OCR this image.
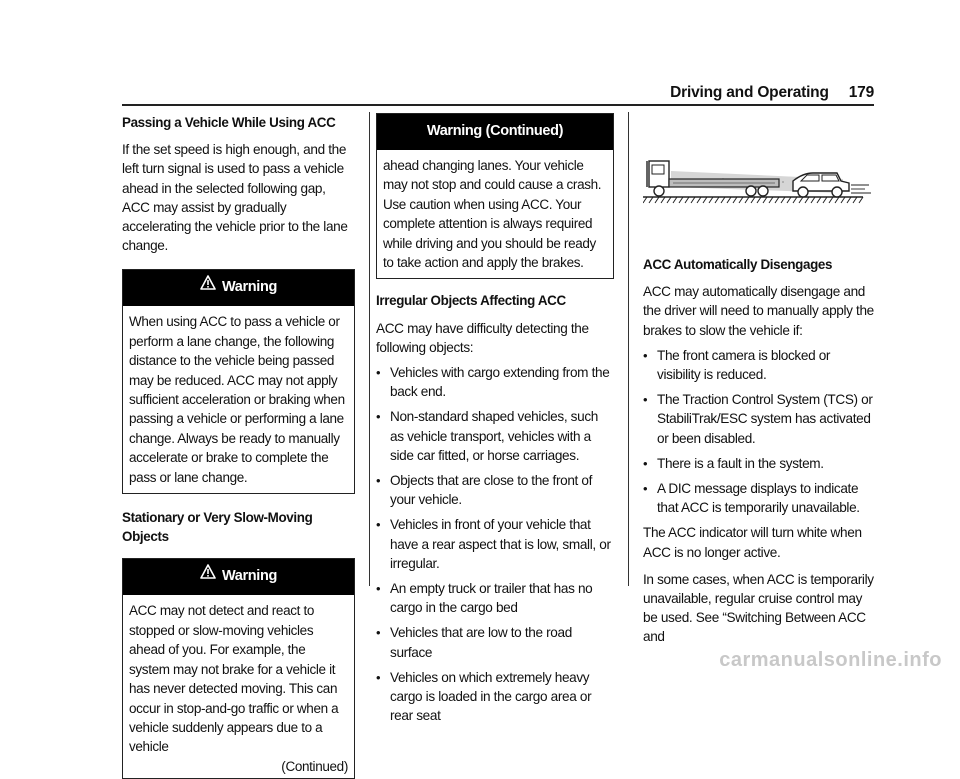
Driving and Operating 179

Passing a Vehicle While Using ACC

If the set speed is high enough, and the left turn signal is used to pass a vehicle ahead in the selected following gap, ACC may assist by gradually accelerating the vehicle prior to the lane change.

Warning
When using ACC to pass a vehicle or perform a lane change, the following distance to the vehicle being passed may be reduced. ACC may not apply sufficient acceleration or braking when passing a vehicle or performing a lane change. Always be ready to manually accelerate or brake to complete the pass or lane change.

Stationary or Very Slow-Moving Objects

Warning
ACC may not detect and react to stopped or slow-moving vehicles ahead of you. For example, the system may not brake for a vehicle it has never detected moving. This can occur in stop-and-go traffic or when a vehicle suddenly appears due to a vehicle
(Continued)
Warning (Continued)
ahead changing lanes. Your vehicle may not stop and could cause a crash. Use caution when using ACC. Your complete attention is always required while driving and you should be ready to take action and apply the brakes.

Irregular Objects Affecting ACC

ACC may have difficulty detecting the following objects:

• Vehicles with cargo extending from the back end.
• Non-standard shaped vehicles, such as vehicle transport, vehicles with a side car fitted, or horse carriages.
• Objects that are close to the front of your vehicle.
• Vehicles in front of your vehicle that have a rear aspect that is low, small, or irregular.
• An empty truck or trailer that has no cargo in the cargo bed
• Vehicles that are low to the road surface
• Vehicles on which extremely heavy cargo is loaded in the cargo area or rear seat

ACC Automatically Disengages

ACC may automatically disengage and the driver will need to manually apply the brakes to slow the vehicle if:

• The front camera is blocked or visibility is reduced.
• The Traction Control System (TCS) or StabiliTrak/ESC system has activated or been disabled.
• There is a fault in the system.
• A DIC message displays to indicate that ACC is temporarily unavailable.

The ACC indicator will turn white when ACC is no longer active.

In some cases, when ACC is temporarily unavailable, regular cruise control may be used. See “Switching Between ACC and

carmanualsonline.info
